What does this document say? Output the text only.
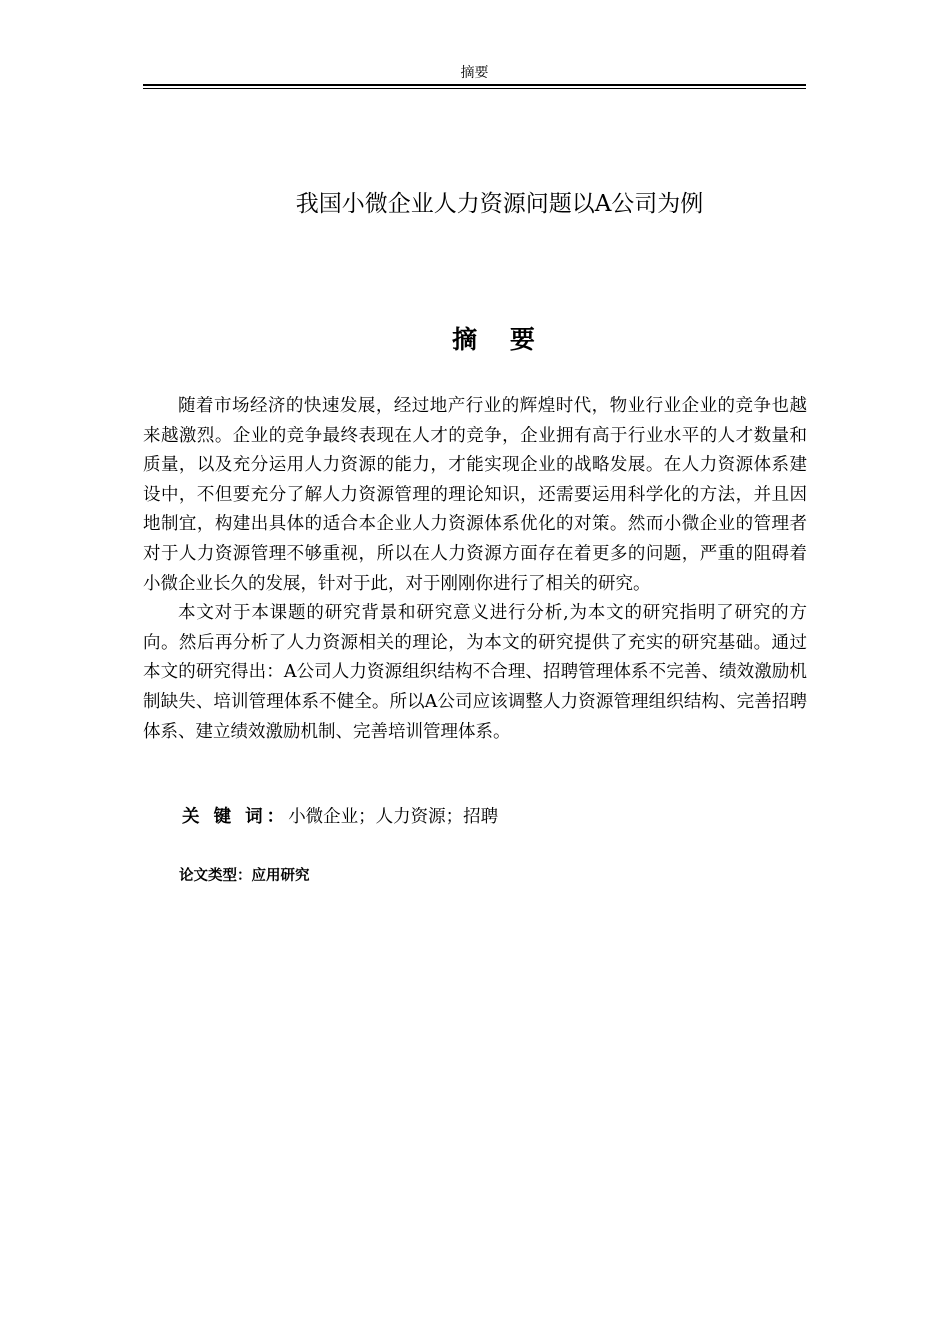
摘要
我国小微企业人力资源问题以A公司为例
摘 要

随着市场经济的快速发展，经过地产行业的辉煌时代，物业行业企业的竞争也越来越激烈。企业的竞争最终表现在人才的竞争，企业拥有高于行业水平的人才数量和质量，以及充分运用人力资源的能力，才能实现企业的战略发展。在人力资源体系建设中，不但要充分了解人力资源管理的理论知识，还需要运用科学化的方法，并且因地制宜，构建出具体的适合本企业人力资源体系优化的对策。然而小微企业的管理者对于人力资源管理不够重视，所以在人力资源方面存在着更多的问题，严重的阻碍着小微企业长久的发展，针对于此，对于刚刚你进行了相关的研究。

本文对于本课题的研究背景和研究意义进行分析,为本文的研究指明了研究的方向。然后再分析了人力资源相关的理论，为本文的研究提供了充实的研究基础。通过本文的研究得出：A公司人力资源组织结构不合理、招聘管理体系不完善、绩效激励机制缺失、培训管理体系不健全。所以A公司应该调整人力资源管理组织结构、完善招聘体系、建立绩效激励机制、完善培训管理体系。

关 键 词：小微企业；人力资源；招聘
论文类型：应用研究
